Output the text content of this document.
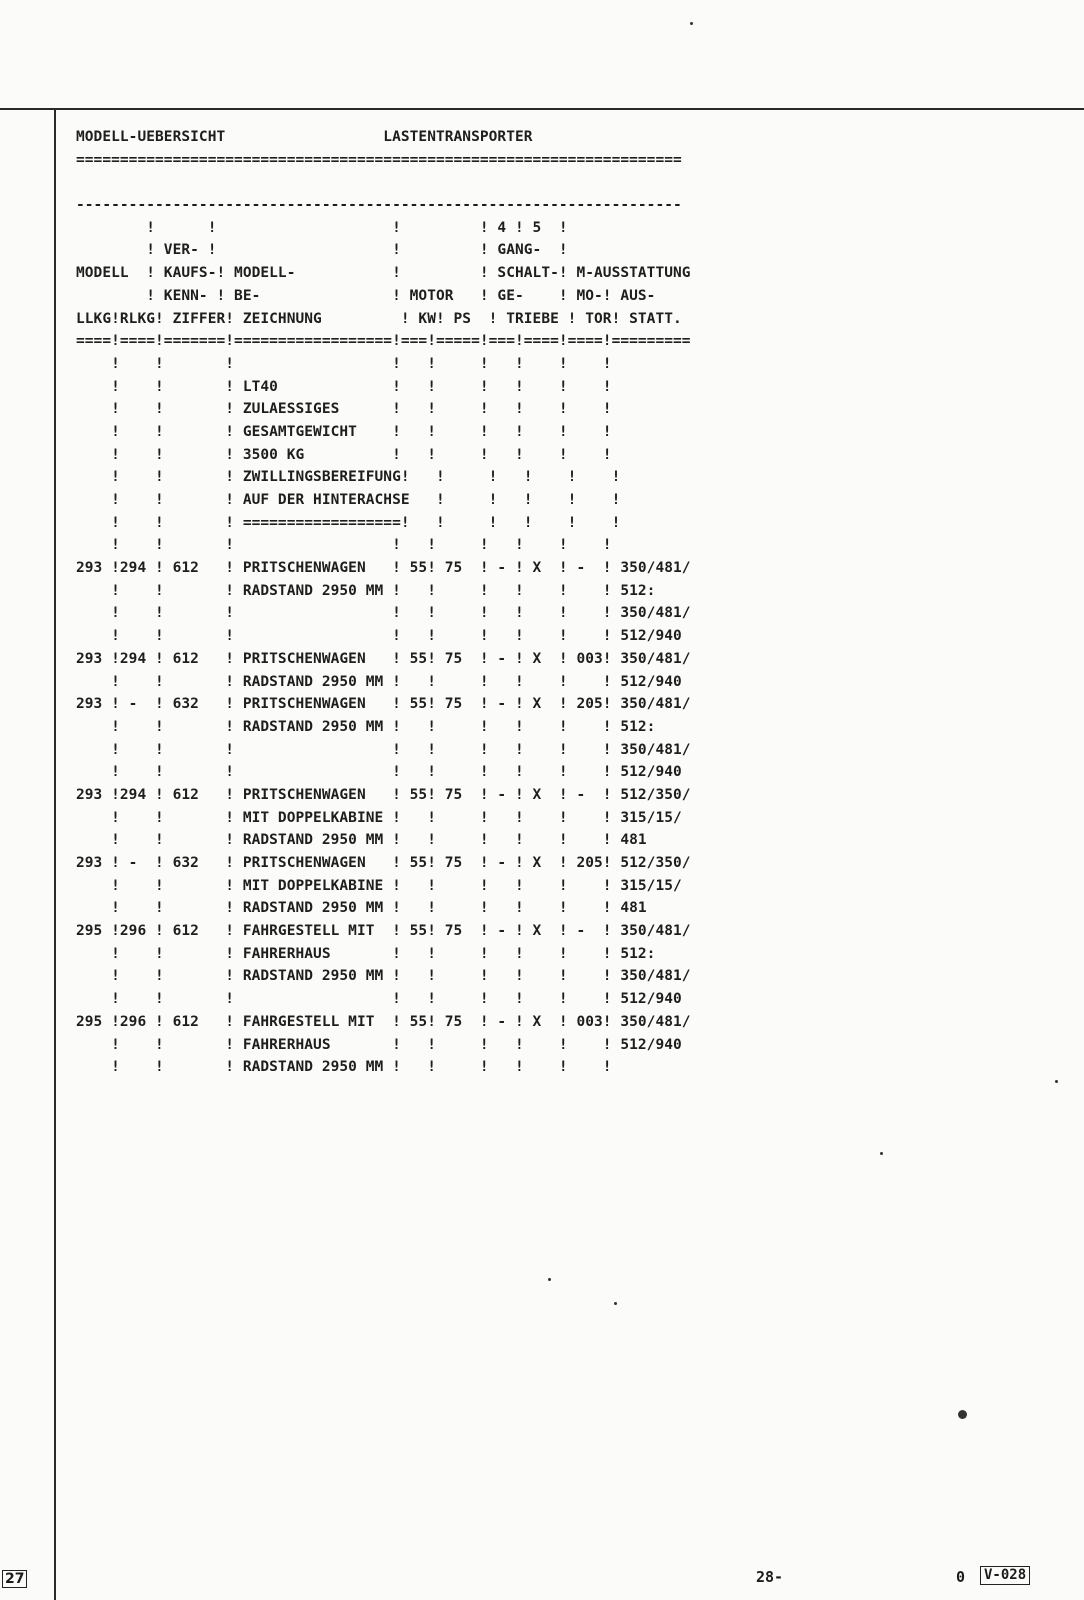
MODELL-UEBERSICHT                  LASTENTRANSPORTER
=====================================================================
---------------------------------------------------------------------
!      !                    !         ! 4 ! 5  !
! VER- !                    !         ! GANG-  !
MODELL  ! KAUFS-! MODELL-           !         ! SCHALT-! M-AUSSTATTUNG
! KENN- ! BE-               ! MOTOR   ! GE-    ! MO-! AUS-
LLKG!RLKG! ZIFFER! ZEICHNUNG         ! KW! PS  ! TRIEBE ! TOR! STATT.
====!====!=======!==================!===!=====!===!====!====!=========
!    !       !                  !   !     !   !    !    !
!    !       ! LT40             !   !     !   !    !    !
!    !       ! ZULAESSIGES      !   !     !   !    !    !
!    !       ! GESAMTGEWICHT    !   !     !   !    !    !
!    !       ! 3500 KG          !   !     !   !    !    !
!    !       ! ZWILLINGSBEREIFUNG!   !     !   !    !    !
!    !       ! AUF DER HINTERACHSE   !     !   !    !    !
!    !       ! ==================!   !     !   !    !    !
!    !       !                  !   !     !   !    !    !
293 !294 ! 612   ! PRITSCHENWAGEN   ! 55! 75  ! - ! X  ! -  ! 350/481/
!    !       ! RADSTAND 2950 MM !   !     !   !    !    ! 512:
!    !       !                  !   !     !   !    !    ! 350/481/
!    !       !                  !   !     !   !    !    ! 512/940
293 !294 ! 612   ! PRITSCHENWAGEN   ! 55! 75  ! - ! X  ! 003! 350/481/
!    !       ! RADSTAND 2950 MM !   !     !   !    !    ! 512/940
293 ! -  ! 632   ! PRITSCHENWAGEN   ! 55! 75  ! - ! X  ! 205! 350/481/
!    !       ! RADSTAND 2950 MM !   !     !   !    !    ! 512:
!    !       !                  !   !     !   !    !    ! 350/481/
!    !       !                  !   !     !   !    !    ! 512/940
293 !294 ! 612   ! PRITSCHENWAGEN   ! 55! 75  ! - ! X  ! -  ! 512/350/
!    !       ! MIT DOPPELKABINE !   !     !   !    !    ! 315/15/
!    !       ! RADSTAND 2950 MM !   !     !   !    !    ! 481
293 ! -  ! 632   ! PRITSCHENWAGEN   ! 55! 75  ! - ! X  ! 205! 512/350/
!    !       ! MIT DOPPELKABINE !   !     !   !    !    ! 315/15/
!    !       ! RADSTAND 2950 MM !   !     !   !    !    ! 481
295 !296 ! 612   ! FAHRGESTELL MIT  ! 55! 75  ! - ! X  ! -  ! 350/481/
!    !       ! FAHRERHAUS       !   !     !   !    !    ! 512:
!    !       ! RADSTAND 2950 MM !   !     !   !    !    ! 350/481/
!    !       !                  !   !     !   !    !    ! 512/940
295 !296 ! 612   ! FAHRGESTELL MIT  ! 55! 75  ! - ! X  ! 003! 350/481/
!    !       ! FAHRERHAUS       !   !     !   !    !    ! 512/940
!    !       ! RADSTAND 2950 MM !   !     !   !    !    !
27	28-	0 V-028
